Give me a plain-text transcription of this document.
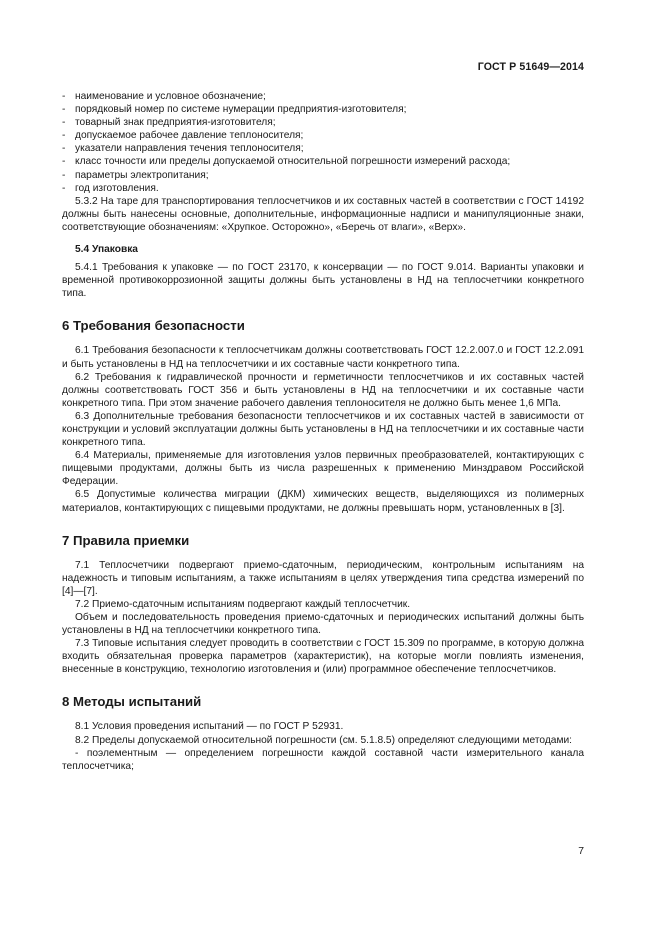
ГОСТ Р 51649—2014
- наименование и условное обозначение;
- порядковый номер по системе нумерации предприятия-изготовителя;
- товарный знак предприятия-изготовителя;
- допускаемое рабочее давление теплоносителя;
- указатели направления течения теплоносителя;
- класс точности или пределы допускаемой относительной погрешности измерений расхода;
- параметры электропитания;
- год изготовления.
5.3.2 На таре для транспортирования теплосчетчиков и их составных частей в соответствии с ГОСТ 14192 должны быть нанесены основные, дополнительные, информационные надписи и манипуляционные знаки, соответствующие обозначениям: «Хрупкое. Осторожно», «Беречь от влаги», «Верх».
5.4 Упаковка
5.4.1 Требования к упаковке — по ГОСТ 23170, к консервации — по ГОСТ 9.014. Варианты упаковки и временной противокоррозионной защиты должны быть установлены в НД на теплосчетчики конкретного типа.
6 Требования безопасности
6.1 Требования безопасности к теплосчетчикам должны соответствовать ГОСТ 12.2.007.0 и ГОСТ 12.2.091 и быть установлены в НД на теплосчетчики и их составные части конкретного типа.
6.2 Требования к гидравлической прочности и герметичности теплосчетчиков и их составных частей должны соответствовать ГОСТ 356 и быть установлены в НД на теплосчетчики и их составные части конкретного типа. При этом значение рабочего давления теплоносителя не должно быть менее 1,6 МПа.
6.3 Дополнительные требования безопасности теплосчетчиков и их составных частей в зависимости от конструкции и условий эксплуатации должны быть установлены в НД на теплосчетчики и их составные части конкретного типа.
6.4 Материалы, применяемые для изготовления узлов первичных преобразователей, контактирующих с пищевыми продуктами, должны быть из числа разрешенных к применению Минздравом Российской Федерации.
6.5 Допустимые количества миграции (ДКМ) химических веществ, выделяющихся из полимерных материалов, контактирующих с пищевыми продуктами, не должны превышать норм, установленных в [3].
7 Правила приемки
7.1 Теплосчетчики подвергают приемо-сдаточным, периодическим, контрольным испытаниям на надежность и типовым испытаниям, а также испытаниям в целях утверждения типа средства измерений по [4]—[7].
7.2 Приемо-сдаточным испытаниям подвергают каждый теплосчетчик.
Объем и последовательность проведения приемо-сдаточных и периодических испытаний должны быть установлены в НД на теплосчетчики конкретного типа.
7.3 Типовые испытания следует проводить в соответствии с ГОСТ 15.309 по программе, в которую должна входить обязательная проверка параметров (характеристик), на которые могли повлиять изменения, внесенные в конструкцию, технологию изготовления и (или) программное обеспечение теплосчетчиков.
8 Методы испытаний
8.1 Условия проведения испытаний — по ГОСТ Р 52931.
8.2 Пределы допускаемой относительной погрешности (см. 5.1.8.5) определяют следующими методами:
- поэлементным — определением погрешности каждой составной части измерительного канала теплосчетчика;
7
